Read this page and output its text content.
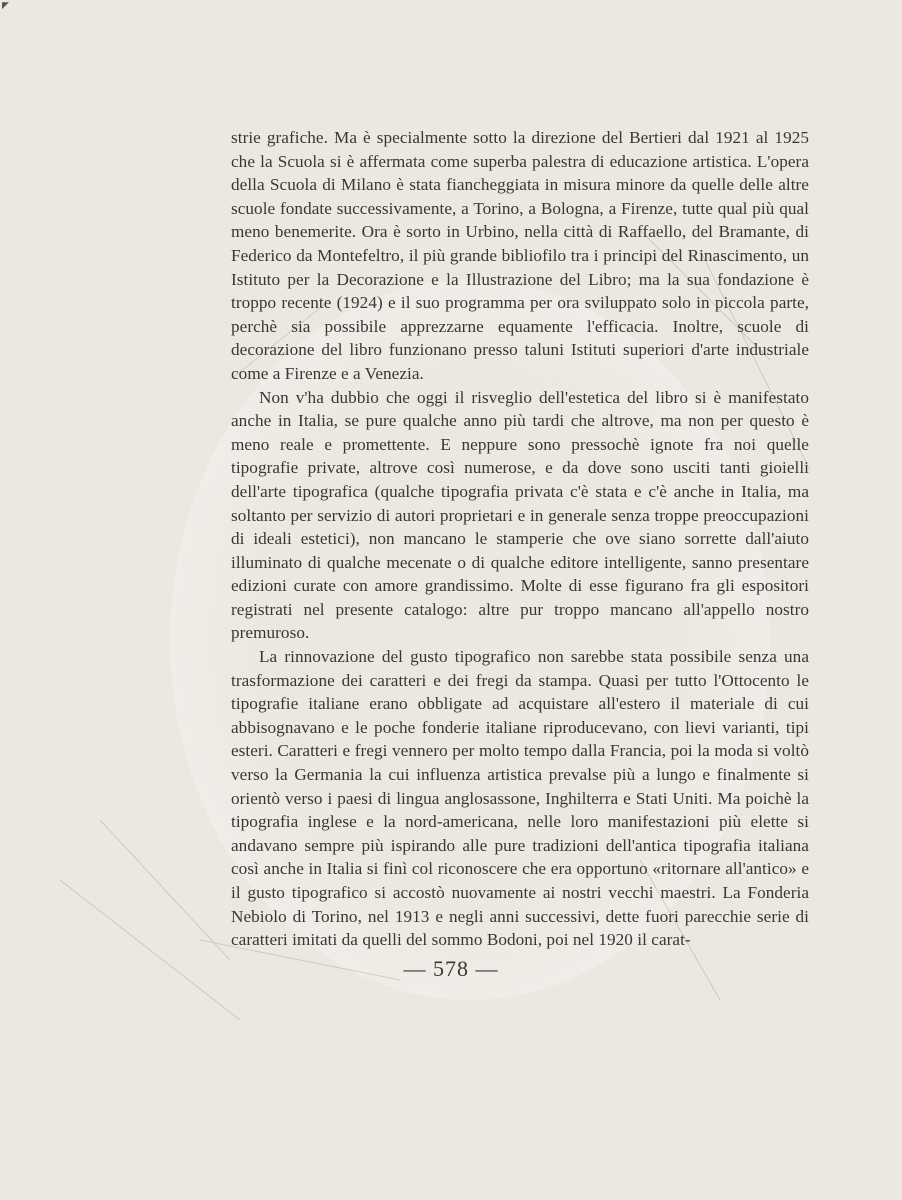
◤

strie grafiche. Ma è specialmente sotto la direzione del Bertieri dal 1921 al 1925 che la Scuola si è affermata come superba palestra di educazione artistica. L'opera della Scuola di Milano è stata fiancheggiata in misura minore da quelle delle altre scuole fondate successivamente, a Torino, a Bologna, a Firenze, tutte qual più qual meno benemerite. Ora è sorto in Urbino, nella città di Raffaello, del Bramante, di Federico da Montefeltro, il più grande bibliofilo tra i principi del Rinascimento, un Istituto per la Decorazione e la Illustrazione del Libro; ma la sua fondazione è troppo recente (1924) e il suo programma per ora sviluppato solo in piccola parte, perchè sia possibile apprezzarne equamente l'efficacia. Inoltre, scuole di decorazione del libro funzionano presso taluni Istituti superiori d'arte industriale come a Firenze e a Venezia.

Non v'ha dubbio che oggi il risveglio dell'estetica del libro si è manifestato anche in Italia, se pure qualche anno più tardi che altrove, ma non per questo è meno reale e promettente. E neppure sono pressochè ignote fra noi quelle tipografie private, altrove così numerose, e da dove sono usciti tanti gioielli dell'arte tipografica (qualche tipografia privata c'è stata e c'è anche in Italia, ma soltanto per servizio di autori proprietari e in generale senza troppe preoccupazioni di ideali estetici), non mancano le stamperie che ove siano sorrette dall'aiuto illuminato di qualche mecenate o di qualche editore intelligente, sanno presentare edizioni curate con amore grandissimo. Molte di esse figurano fra gli espositori registrati nel presente catalogo: altre pur troppo mancano all'appello nostro premuroso.

La rinnovazione del gusto tipografico non sarebbe stata possibile senza una trasformazione dei caratteri e dei fregi da stampa. Quasi per tutto l'Ottocento le tipografie italiane erano obbligate ad acquistare all'estero il materiale di cui abbisognavano e le poche fonderie italiane riproducevano, con lievi varianti, tipi esteri. Caratteri e fregi vennero per molto tempo dalla Francia, poi la moda si voltò verso la Germania la cui influenza artistica prevalse più a lungo e finalmente si orientò verso i paesi di lingua anglosassone, Inghilterra e Stati Uniti. Ma poichè la tipografia inglese e la nord-americana, nelle loro manifestazioni più elette si andavano sempre più ispirando alle pure tradizioni dell'antica tipografia italiana così anche in Italia si finì col riconoscere che era opportuno «ritornare all'antico» e il gusto tipografico si accostò nuovamente ai nostri vecchi maestri. La Fonderia Nebiolo di Torino, nel 1913 e negli anni successivi, dette fuori parecchie serie di caratteri imitati da quelli del sommo Bodoni, poi nel 1920 il carat-

— 578 —
